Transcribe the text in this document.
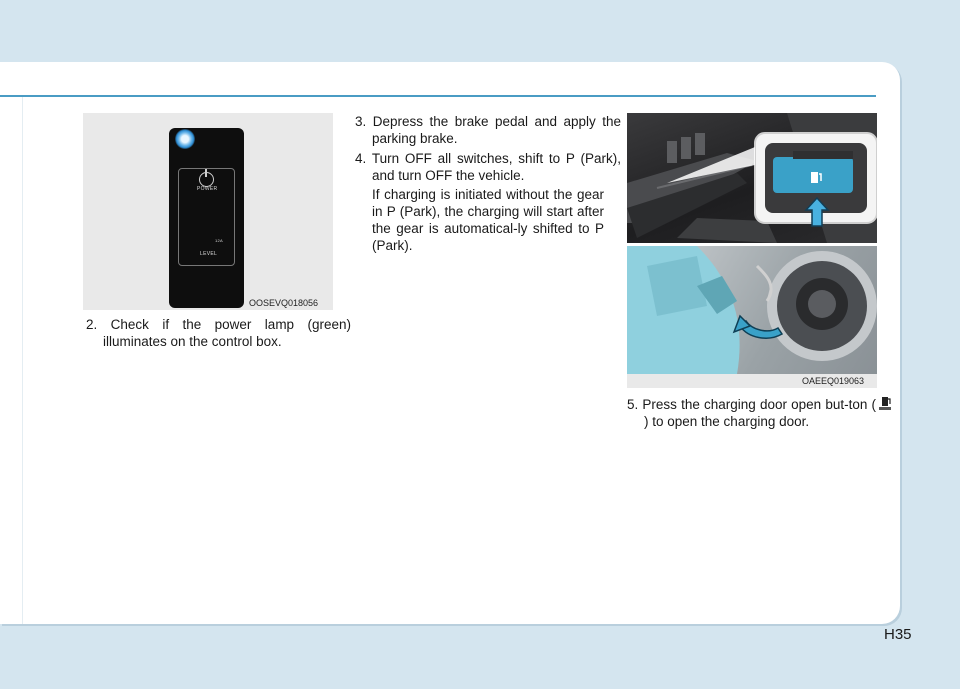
POWER
12A
LEVEL
OOSEVQ018056

2. Check if the power lamp (green) illuminates on the control box.

3. Depress the brake pedal and apply the parking brake.

4. Turn OFF all switches, shift to P (Park), and turn OFF the vehicle.

If charging is initiated without the gear in P (Park), the charging will start after the gear is automatical-ly shifted to P (Park).

OAEEQ019063
5. Press the charging door open but-ton () to open the charging door.
H35
